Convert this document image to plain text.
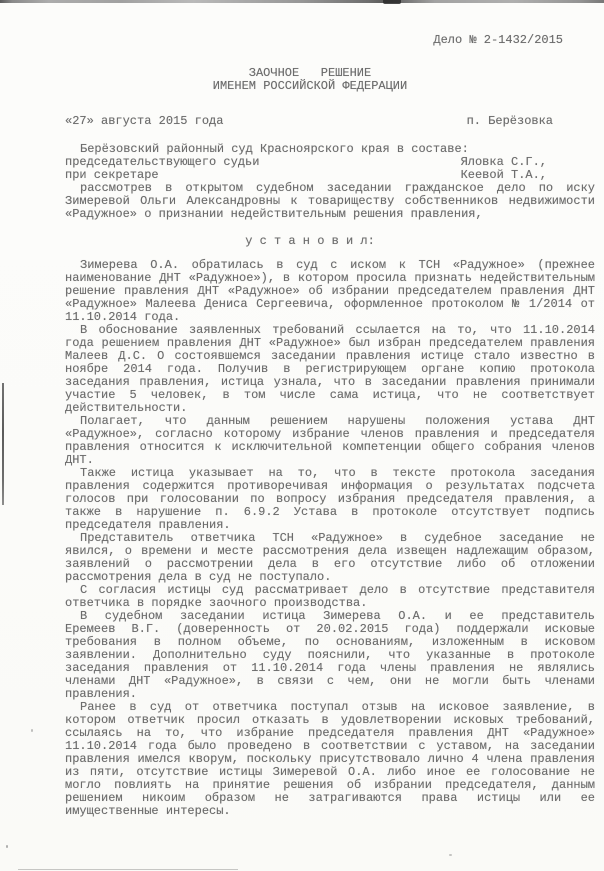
Дело № 2-1432/2015
ЗАОЧНОЕ   РЕШЕНИЕ
ИМЕНЕМ РОССИЙСКОЙ ФЕДЕРАЦИИ
«27» августа 2015 года	п. Берёзовка
Берёзовский районный суд Красноярского края в составе:
председательствующего судьи	Яловка С.Г.,
при секретаре	Кеевой Т.А.,
рассмотрев в открытом судебном заседании гражданское дело по иску
Зимеревой Ольги Александровны к товариществу собственников недвижимости
«Радужное» о признании недействительным решения правления,
у с т а н о в и л:
Зимерева О.А. обратилась в суд с иском к ТСН «Радужное» (прежнее
наименование ДНТ «Радужное»), в котором просила признать недействительным
решение правления ДНТ «Радужное» об избрании председателем правления ДНТ
«Радужное» Малеева Дениса Сергеевича, оформленное протоколом № 1/2014 от
11.10.2014 года.
В обоснование заявленных требований ссылается на то, что 11.10.2014
года решением правления ДНТ «Радужное» был избран председателем правления
Малеев Д.С. О состоявшемся заседании правления истице стало известно в
ноябре 2014 года. Получив в регистрирующем органе копию протокола
заседания правления, истица узнала, что в заседании правления принимали
участие 5 человек, в том числе сама истица, что не соответствует
действительности.
Полагает, что данным решением нарушены положения устава ДНТ
«Радужное», согласно которому избрание членов правления и председателя
правления относится к исключительной компетенции общего собрания членов
ДНТ.
Также истица указывает на то, что в тексте протокола заседания
правления содержится противоречивая информация о результатах подсчета
голосов при голосовании по вопросу избрания председателя правления, а
также в нарушение п. 6.9.2 Устава в протоколе отсутствует подпись
председателя правления.
Представитель ответчика ТСН «Радужное» в судебное заседание не
явился, о времени и месте рассмотрения дела извещен надлежащим образом,
заявлений о рассмотрении дела в его отсутствие либо об отложении
рассмотрения дела в суд не поступало.
С согласия истицы суд рассматривает дело в отсутствие представителя
ответчика в порядке заочного производства.
В судебном заседании истица Зимерева О.А. и ее представитель
Еремеев В.Г. (доверенность от 20.02.2015 года) поддержали исковые
требования в полном объеме, по основаниям, изложенным в исковом
заявлении. Дополнительно суду пояснили, что указанные в протоколе
заседания правления от 11.10.2014 года члены правления не являлись
членами ДНТ «Радужное», в связи с чем, они не могли быть членами
правления.
Ранее в суд от ответчика поступал отзыв на исковое заявление, в
котором ответчик просил отказать в удовлетворении исковых требований,
ссылаясь на то, что избрание председателя правления ДНТ «Радужное»
11.10.2014 года было проведено в соответствии с уставом, на заседании
правления имелся кворум, поскольку присутствовало лично 4 члена правления
из пяти, отсутствие истицы Зимеревой О.А. либо иное ее голосование не
могло повлиять на принятие решения об избрании председателя, данным
решением никоим образом не затрагиваются права истицы или ее
имущественные интересы.
